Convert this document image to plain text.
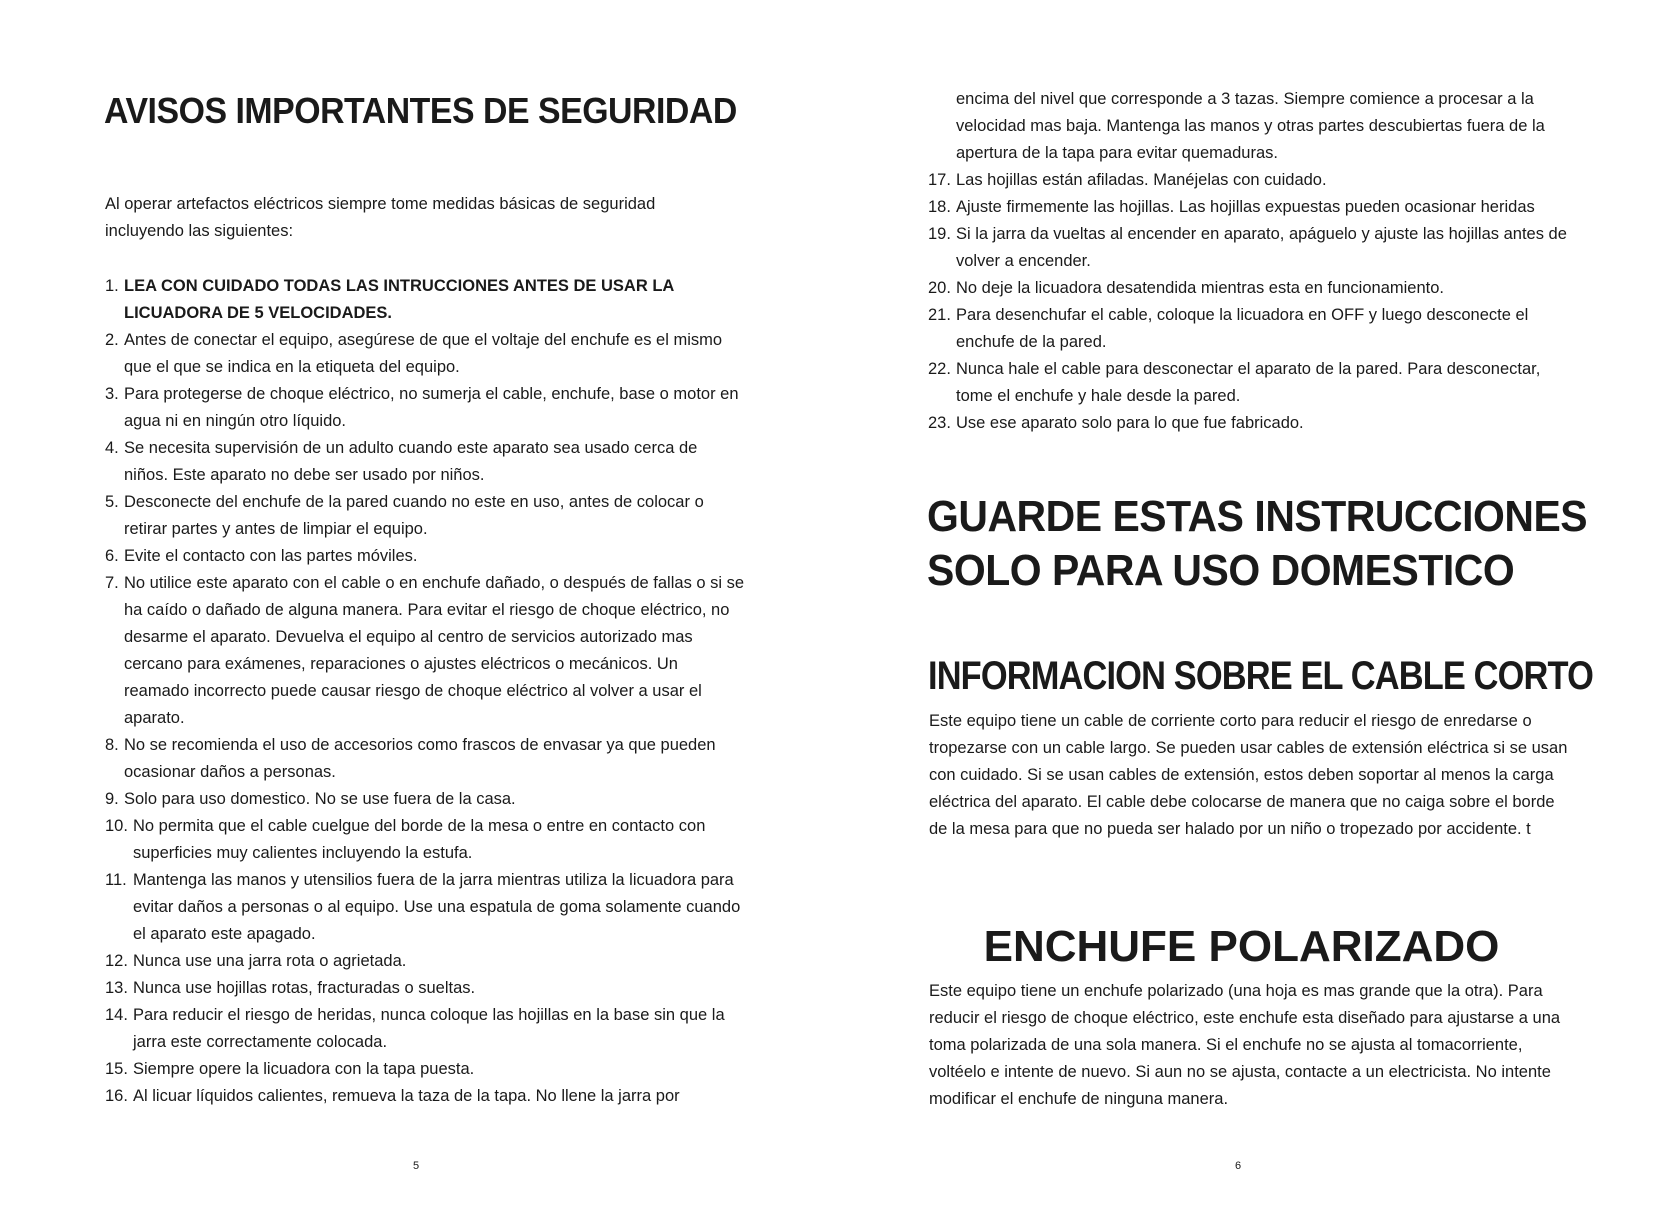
AVISOS IMPORTANTES DE SEGURIDAD

Al operar artefactos eléctricos siempre tome medidas básicas de seguridad incluyendo las siguientes:

1. LEA CON CUIDADO TODAS LAS INTRUCCIONES ANTES DE USAR LA LICUADORA DE 5 VELOCIDADES.
2. Antes de conectar el equipo, asegúrese de que el voltaje del enchufe es el mismo que el que se indica en la etiqueta del equipo.
3. Para protegerse de choque eléctrico, no sumerja el cable, enchufe, base o motor en agua ni en ningún otro líquido.
4. Se necesita supervisión de un adulto cuando este aparato sea usado cerca de niños. Este aparato no debe ser usado por niños.
5. Desconecte del enchufe de la pared cuando no este en uso, antes de colocar o retirar partes y antes de limpiar el equipo.
6. Evite el contacto con las partes móviles.
7. No utilice este aparato con el cable o en enchufe dañado, o después de fallas o si se ha caído o dañado de alguna manera. Para evitar el riesgo de choque eléctrico, no desarme el aparato. Devuelva el equipo al centro de servicios autorizado mas cercano para exámenes, reparaciones o ajustes eléctricos o mecánicos. Un reamado incorrecto puede causar riesgo de choque eléctrico al volver a usar el aparato.
8. No se recomienda el uso de accesorios como frascos de envasar ya que pueden ocasionar daños a personas.
9. Solo para uso domestico. No se use fuera de la casa.
10. No permita que el cable cuelgue del borde de la mesa o entre en contacto con superficies muy calientes incluyendo la estufa.
11. Mantenga las manos y utensilios fuera de la jarra mientras utiliza la licuadora para evitar daños a personas o al equipo. Use una espatula de goma solamente cuando el aparato este apagado.
12. Nunca use una jarra rota o agrietada.
13. Nunca use hojillas rotas, fracturadas o sueltas.
14. Para reducir el riesgo de heridas, nunca coloque las hojillas en la base sin que la jarra este correctamente colocada.
15. Siempre opere la licuadora con la tapa puesta.
16. Al licuar líquidos calientes, remueva la taza de la tapa. No llene la jarra por
5
encima del nivel que corresponde a 3 tazas. Siempre comience a procesar a la velocidad mas baja. Mantenga las manos y otras partes descubiertas fuera de la apertura de la tapa para evitar quemaduras.
17. Las hojillas están afiladas. Manéjelas con cuidado.
18. Ajuste firmemente las hojillas. Las hojillas expuestas pueden ocasionar heridas
19. Si la jarra da vueltas al encender en aparato, apáguelo y ajuste las hojillas antes de volver a encender.
20. No deje la licuadora desatendida mientras esta en funcionamiento.
21. Para desenchufar el cable, coloque la licuadora en OFF y luego desconecte el enchufe de la pared.
22. Nunca hale el cable para desconectar el aparato de la pared. Para desconectar, tome el enchufe y hale desde la pared.
23. Use ese aparato solo para lo que fue fabricado.
GUARDE ESTAS INSTRUCCIONES
SOLO PARA USO DOMESTICO
INFORMACION SOBRE EL CABLE CORTO

Este equipo tiene un cable de corriente corto para reducir el riesgo de enredarse o tropezarse con un cable largo. Se pueden usar cables de extensión eléctrica si se usan con cuidado. Si se usan cables de extensión, estos deben soportar al menos la carga eléctrica del aparato. El cable debe colocarse de manera que no caiga sobre el borde de la mesa para que no pueda ser halado por un niño o tropezado por accidente. t

ENCHUFE POLARIZADO

Este equipo tiene un enchufe polarizado (una hoja es mas grande que la otra). Para reducir el riesgo de choque eléctrico, este enchufe esta diseñado para ajustarse a una toma polarizada de una sola manera. Si el enchufe no se ajusta al tomacorriente, voltéelo e intente de nuevo. Si aun no se ajusta, contacte a un electricista. No intente modificar el enchufe de ninguna manera.

6
